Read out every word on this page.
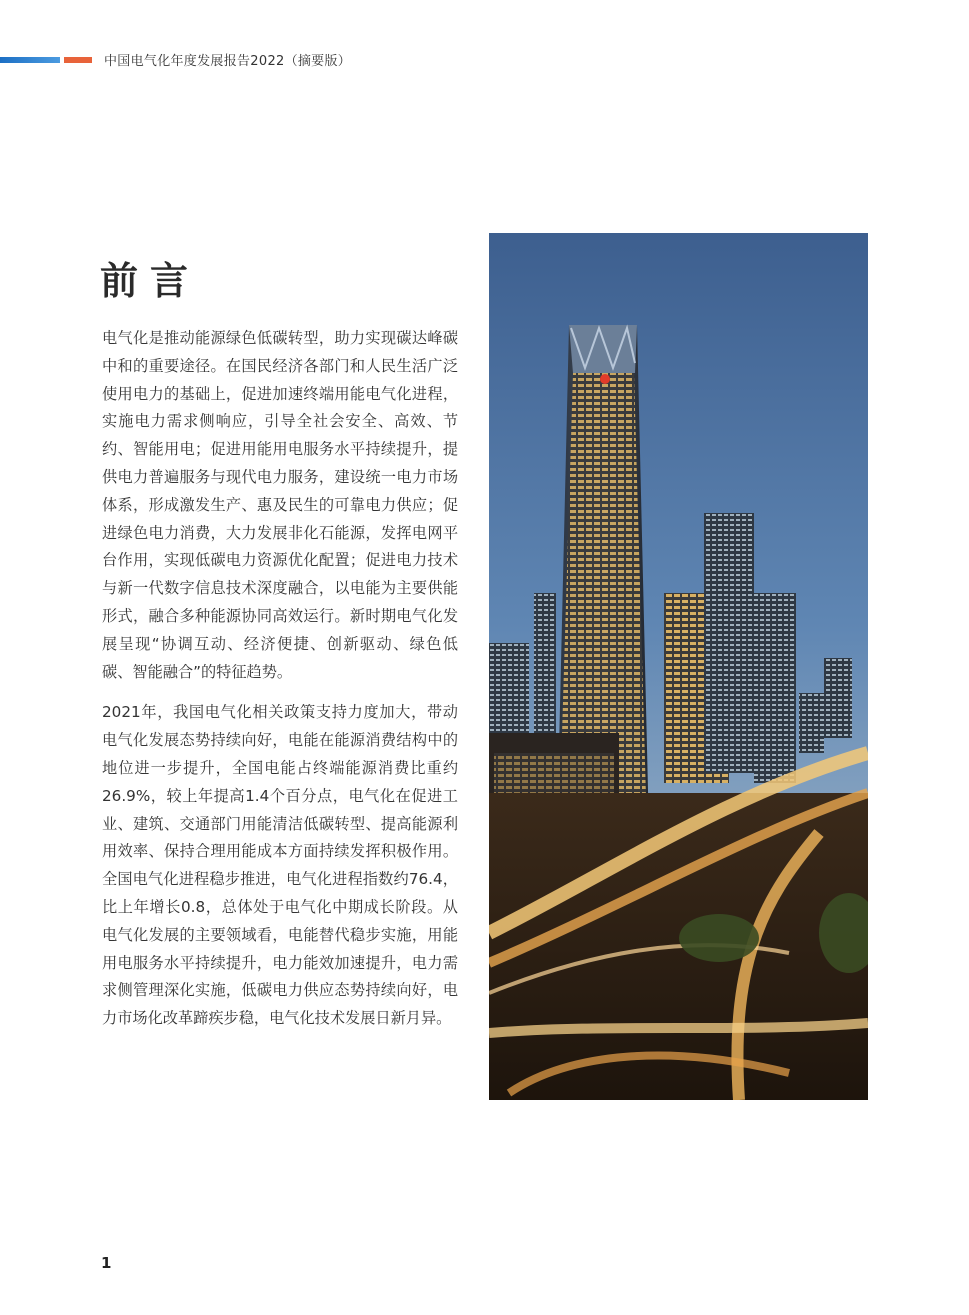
中国电气化年度发展报告2022（摘要版）
前言

电气化是推动能源绿色低碳转型，助力实现碳达峰碳中和的重要途径。在国民经济各部门和人民生活广泛使用电力的基础上，促进加速终端用能电气化进程，实施电力需求侧响应，引导全社会安全、高效、节约、智能用电；促进用能用电服务水平持续提升，提供电力普遍服务与现代电力服务，建设统一电力市场体系，形成激发生产、惠及民生的可靠电力供应；促进绿色电力消费，大力发展非化石能源，发挥电网平台作用，实现低碳电力资源优化配置；促进电力技术与新一代数字信息技术深度融合，以电能为主要供能形式，融合多种能源协同高效运行。新时期电气化发展呈现“协调互动、经济便捷、创新驱动、绿色低碳、智能融合”的特征趋势。

2021年，我国电气化相关政策支持力度加大，带动电气化发展态势持续向好，电能在能源消费结构中的地位进一步提升，全国电能占终端能源消费比重约26.9%，较上年提高1.4个百分点，电气化在促进工业、建筑、交通部门用能清洁低碳转型、提高能源利用效率、保持合理用能成本方面持续发挥积极作用。全国电气化进程稳步推进，电气化进程指数约76.4，比上年增长0.8，总体处于电气化中期成长阶段。从电气化发展的主要领域看，电能替代稳步实施，用能用电服务水平持续提升，电力能效加速提升，电力需求侧管理深化实施，低碳电力供应态势持续向好，电力市场化改革蹄疾步稳，电气化技术发展日新月异。

1
